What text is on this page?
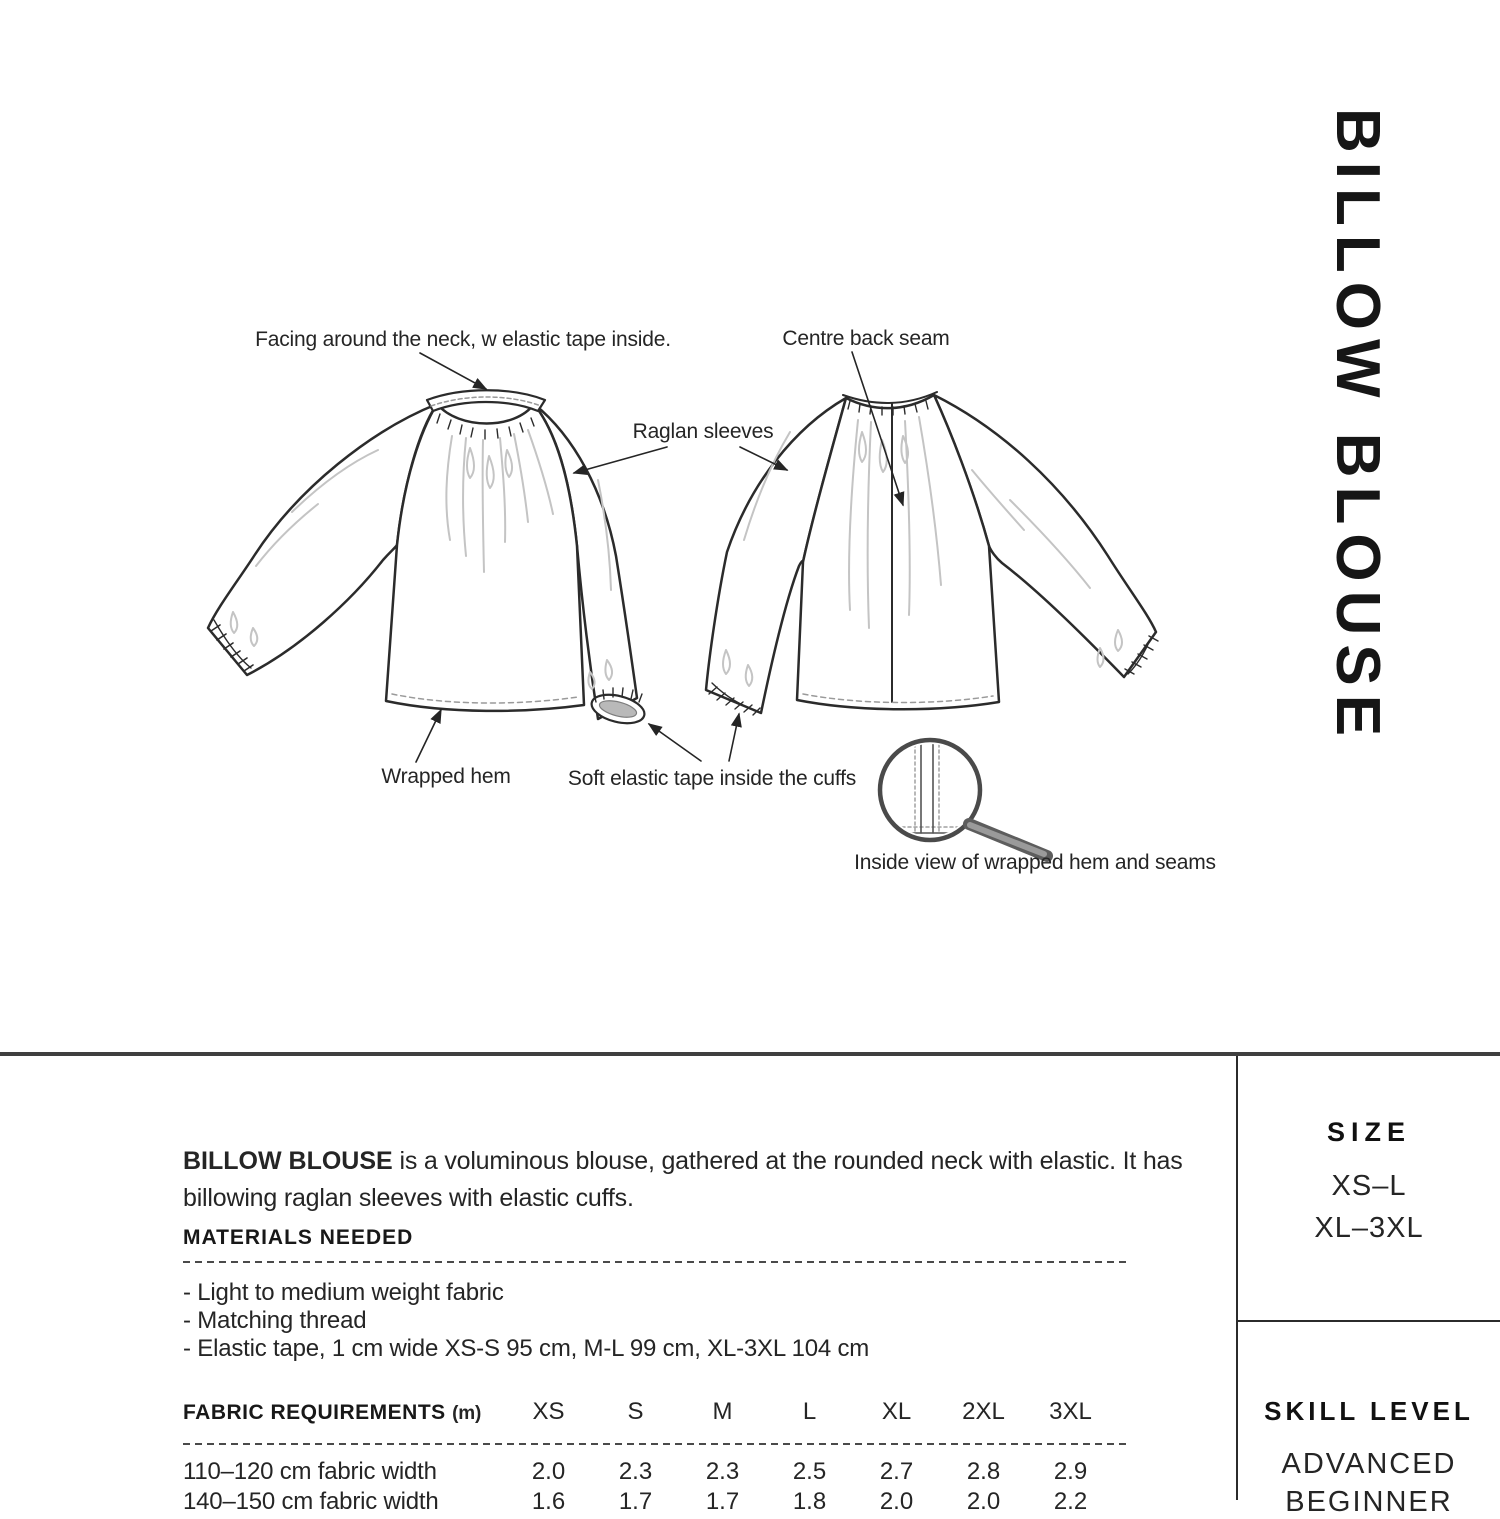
Facing around the neck, w elastic tape inside.	Centre back seam
Raglan sleeves
Wrapped hem	Soft elastic tape inside the cuffs
Inside view of wrapped hem and seams
BILLOW BLOUSE

BILLOW BLOUSE is a voluminous blouse, gathered at the rounded neck with elastic. It has billowing raglan sleeves with elastic cuffs.

MATERIALS NEEDED
- Light to medium weight fabric
- Matching thread
- Elastic tape, 1 cm wide XS-S 95 cm, M-L 99 cm, XL-3XL 104 cm
FABRIC REQUIREMENTS (m)	XS	S	M	L	XL	2XL	3XL
110–120 cm fabric width	2.0	2.3	2.3	2.5	2.7	2.8	2.9
140–150 cm fabric width	1.6	1.7	1.7	1.8	2.0	2.0	2.2
SIZE
XS–L
XL–3XL
SKILL LEVEL
ADVANCED
BEGINNER
